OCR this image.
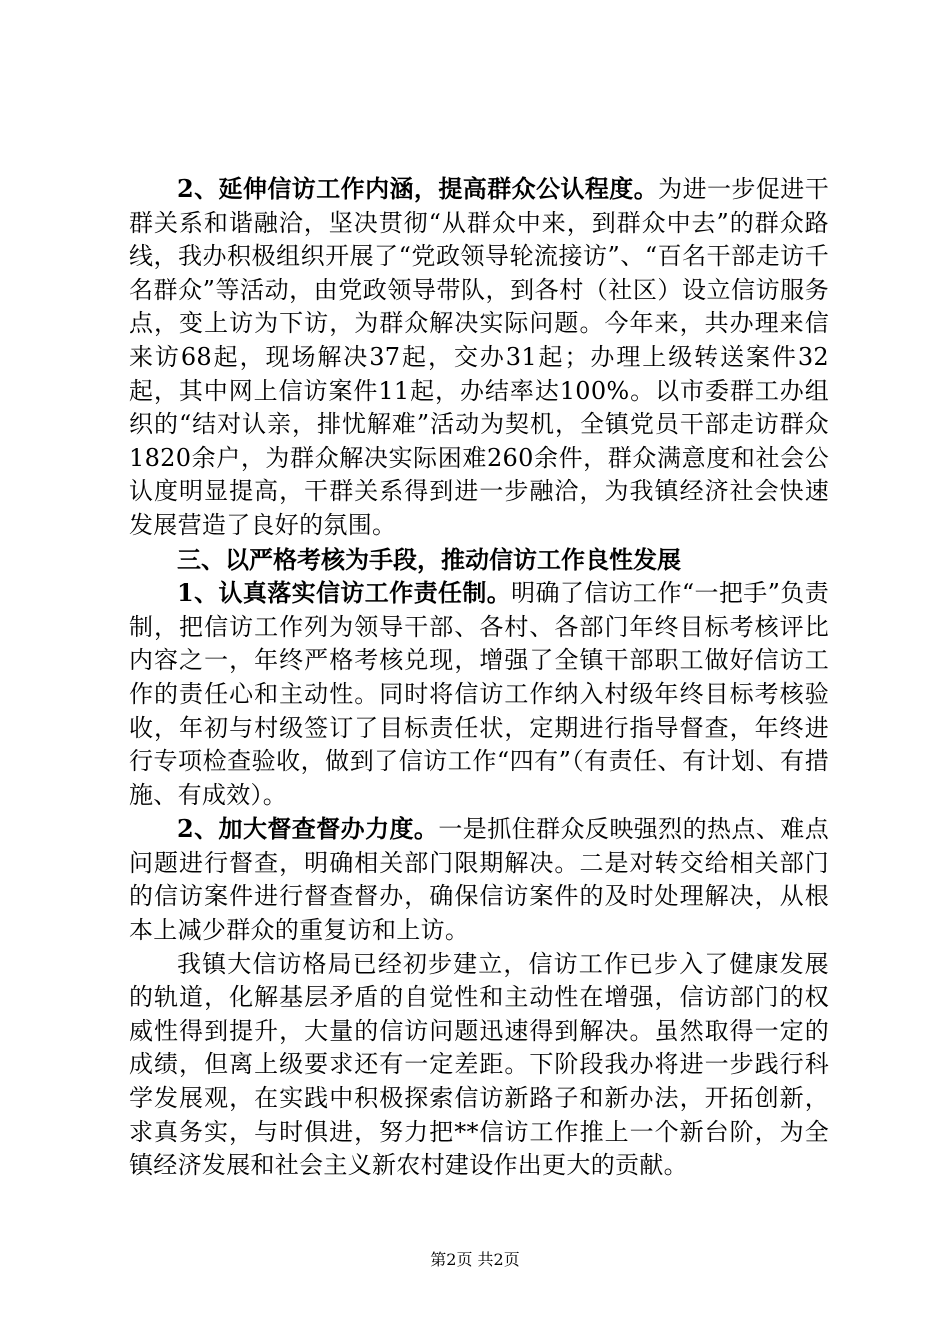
2、延伸信访工作内涵，提高群众公认程度。为进一步促进干群关系和谐融洽，坚决贯彻“从群众中来，到群众中去”的群众路线，我办积极组织开展了“党政领导轮流接访”、“百名干部走访千名群众”等活动，由党政领导带队，到各村（社区）设立信访服务点，变上访为下访，为群众解决实际问题。今年来，共办理来信来访68起，现场解决37起，交办31起；办理上级转送案件32起，其中网上信访案件11起，办结率达100%。以市委群工办组织的“结对认亲，排忧解难”活动为契机，全镇党员干部走访群众1820余户，为群众解决实际困难260余件，群众满意度和社会公认度明显提高，干群关系得到进一步融洽，为我镇经济社会快速发展营造了良好的氛围。

三、以严格考核为手段，推动信访工作良性发展

1、认真落实信访工作责任制。明确了信访工作“一把手”负责制，把信访工作列为领导干部、各村、各部门年终目标考核评比内容之一，年终严格考核兑现，增强了全镇干部职工做好信访工作的责任心和主动性。同时将信访工作纳入村级年终目标考核验收，年初与村级签订了目标责任状，定期进行指导督查，年终进行专项检查验收，做到了信访工作“四有”（有责任、有计划、有措施、有成效）。

2、加大督查督办力度。一是抓住群众反映强烈的热点、难点问题进行督查，明确相关部门限期解决。二是对转交给相关部门的信访案件进行督查督办，确保信访案件的及时处理解决，从根本上减少群众的重复访和上访。

我镇大信访格局已经初步建立，信访工作已步入了健康发展的轨道，化解基层矛盾的自觉性和主动性在增强，信访部门的权威性得到提升，大量的信访问题迅速得到解决。虽然取得一定的成绩，但离上级要求还有一定差距。下阶段我办将进一步践行科学发展观，在实践中积极探索信访新路子和新办法，开拓创新，求真务实，与时俱进，努力把**信访工作推上一个新台阶，为全镇经济发展和社会主义新农村建设作出更大的贡献。

第2页 共2页
